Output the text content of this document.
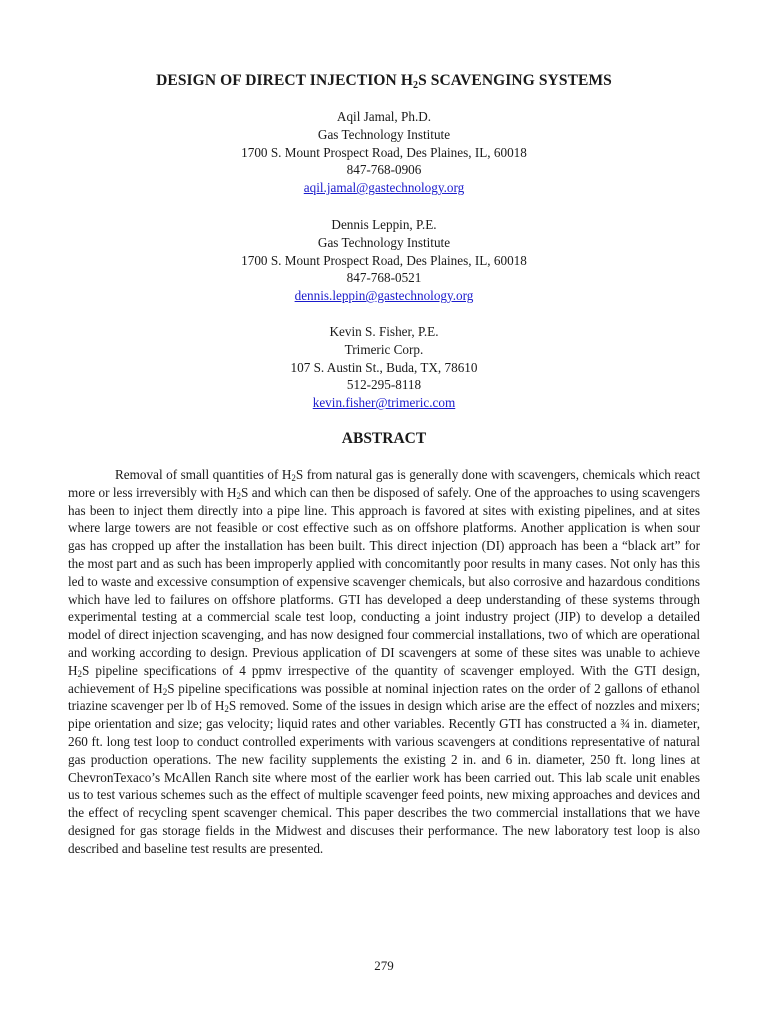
DESIGN OF DIRECT INJECTION $H_2S$ SCAVENGING SYSTEMS
Aqil Jamal, Ph.D.
Gas Technology Institute
1700 S. Mount Prospect Road, Des Plaines, IL, 60018
847-768-0906
aqil.jamal@gastechnology.org
Dennis Leppin, P.E.
Gas Technology Institute
1700 S. Mount Prospect Road, Des Plaines, IL, 60018
847-768-0521
dennis.leppin@gastechnology.org
Kevin S. Fisher, P.E.
Trimeric Corp.
107 S. Austin St., Buda, TX, 78610
512-295-8118
kevin.fisher@trimeric.com
ABSTRACT

Removal of small quantities of $H_2S$ from natural gas is generally done with scavengers, chemicals which react more or less irreversibly with $H_2S$ and which can then be disposed of safely. One of the approaches to using scavengers has been to inject them directly into a pipe line. This approach is favored at sites with existing pipelines, and at sites where large towers are not feasible or cost effective such as on offshore platforms. Another application is when sour gas has cropped up after the installation has been built. This direct injection (DI) approach has been a “black art” for the most part and as such has been improperly applied with concomitantly poor results in many cases. Not only has this led to waste and excessive consumption of expensive scavenger chemicals, but also corrosive and hazardous conditions which have led to failures on offshore platforms. GTI has developed a deep understanding of these systems through experimental testing at a commercial scale test loop, conducting a joint industry project (JIP) to develop a detailed model of direct injection scavenging, and has now designed four commercial installations, two of which are operational and working according to design. Previous application of DI scavengers at some of these sites was unable to achieve $H_2S$ pipeline specifications of 4 ppmv irrespective of the quantity of scavenger employed. With the GTI design, achievement of $H_2S$ pipeline specifications was possible at nominal injection rates on the order of 2 gallons of ethanol triazine scavenger per lb of $H_2S$ removed. Some of the issues in design which arise are the effect of nozzles and mixers; pipe orientation and size; gas velocity; liquid rates and other variables. Recently GTI has constructed a ¾ in. diameter, 260 ft. long test loop to conduct controlled experiments with various scavengers at conditions representative of natural gas production operations. The new facility supplements the existing 2 in. and 6 in. diameter, 250 ft. long lines at ChevronTexaco’s McAllen Ranch site where most of the earlier work has been carried out. This lab scale unit enables us to test various schemes such as the effect of multiple scavenger feed points, new mixing approaches and devices and the effect of recycling spent scavenger chemical. This paper describes the two commercial installations that we have designed for gas storage fields in the Midwest and discuses their performance. The new laboratory test loop is also described and baseline test results are presented.

279
